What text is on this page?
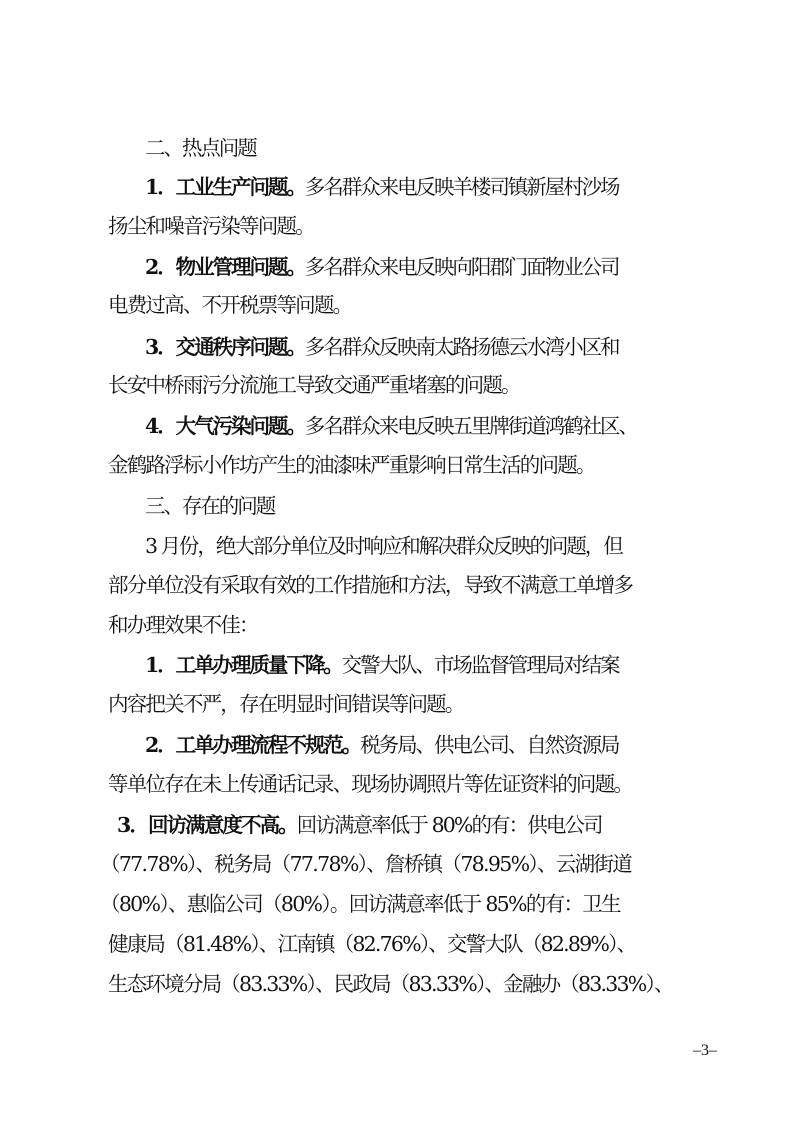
二、热点问题
1．工业生产问题。多名群众来电反映羊楼司镇新屋村沙场
扬尘和噪音污染等问题。
2．物业管理问题。多名群众来电反映向阳郡门面物业公司
电费过高、不开税票等问题。
3．交通秩序问题。多名群众反映南太路扬德云水湾小区和
长安中桥雨污分流施工导致交通严重堵塞的问题。
4．大气污染问题。多名群众来电反映五里牌街道鸿鹤社区、
金鹤路浮标小作坊产生的油漆味严重影响日常生活的问题。
三、存在的问题
3 月份，绝大部分单位及时响应和解决群众反映的问题，但
部分单位没有采取有效的工作措施和方法，导致不满意工单增多
和办理效果不佳：
1．工单办理质量下降。交警大队、市场监督管理局对结案
内容把关不严，存在明显时间错误等问题。
2．工单办理流程不规范。税务局、供电公司、自然资源局
等单位存在未上传通话记录、现场协调照片等佐证资料的问题。
3．回访满意度不高。回访满意率低于 80%的有：供电公司
（77.78%）、税务局（77.78%）、詹桥镇（78.95%）、云湖街道
（80%）、惠临公司（80%）。回访满意率低于 85%的有：卫生
健康局（81.48%）、江南镇（82.76%）、交警大队（82.89%）、
生态环境分局（83.33%）、民政局（83.33%）、金融办（83.33%）、
–3–
